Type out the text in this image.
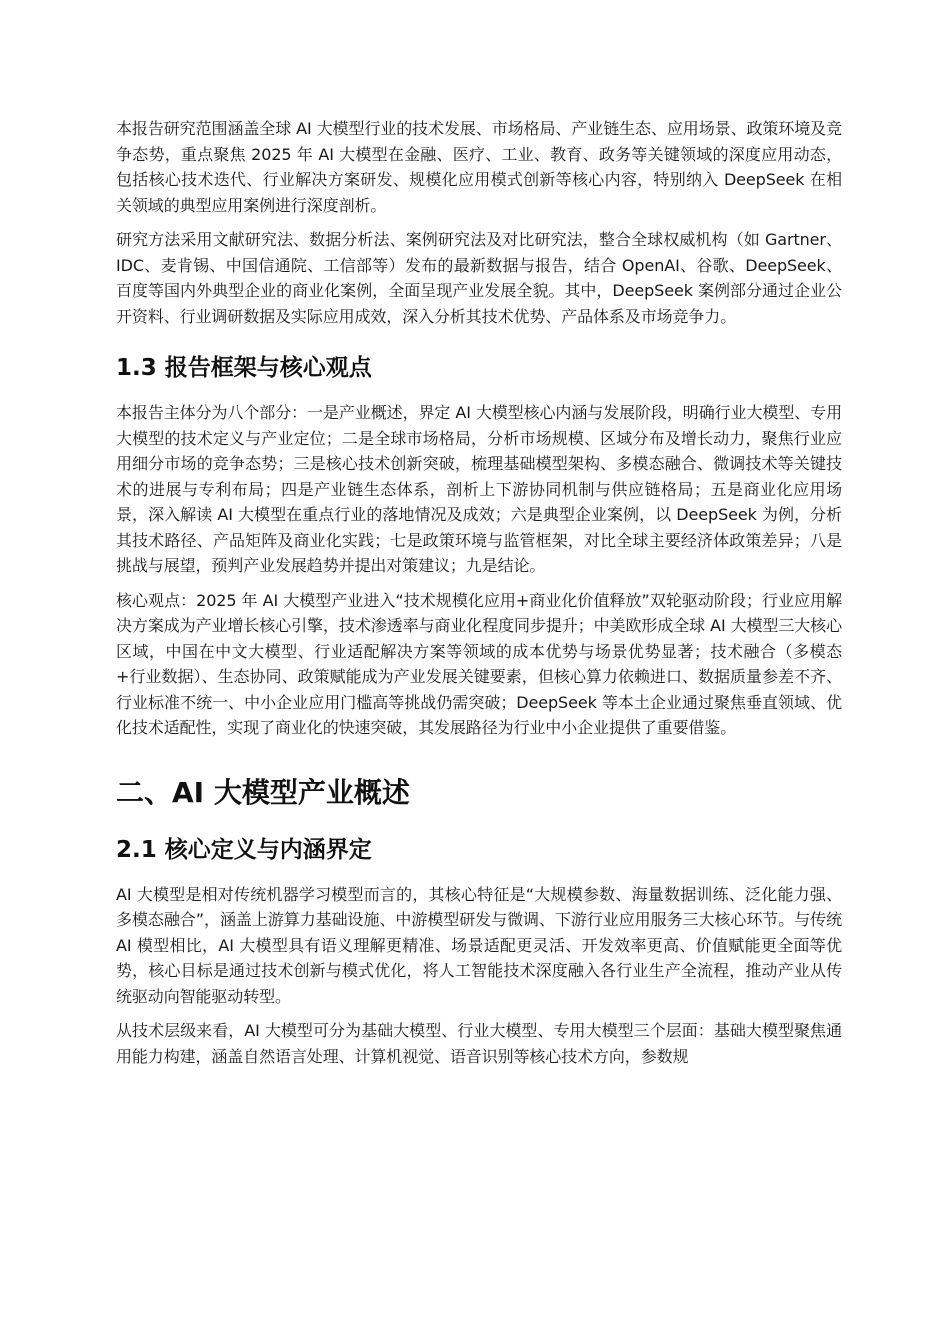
本报告研究范围涵盖全球 AI 大模型行业的技术发展、市场格局、产业链生态、应用场景、政策环境及竞争态势，重点聚焦 2025 年 AI 大模型在金融、医疗、工业、教育、政务等关键领域的深度应用动态，包括核心技术迭代、行业解决方案研发、规模化应用模式创新等核心内容，特别纳入 DeepSeek 在相关领域的典型应用案例进行深度剖析。

研究方法采用文献研究法、数据分析法、案例研究法及对比研究法，整合全球权威机构（如 Gartner、IDC、麦肯锡、中国信通院、工信部等）发布的最新数据与报告，结合 OpenAI、谷歌、DeepSeek、百度等国内外典型企业的商业化案例，全面呈现产业发展全貌。其中，DeepSeek 案例部分通过企业公开资料、行业调研数据及实际应用成效，深入分析其技术优势、产品体系及市场竞争力。

1.3 报告框架与核心观点

本报告主体分为八个部分：一是产业概述，界定 AI 大模型核心内涵与发展阶段，明确行业大模型、专用大模型的技术定义与产业定位；二是全球市场格局，分析市场规模、区域分布及增长动力，聚焦行业应用细分市场的竞争态势；三是核心技术创新突破，梳理基础模型架构、多模态融合、微调技术等关键技术的进展与专利布局；四是产业链生态体系，剖析上下游协同机制与供应链格局；五是商业化应用场景，深入解读 AI 大模型在重点行业的落地情况及成效；六是典型企业案例，以 DeepSeek 为例，分析其技术路径、产品矩阵及商业化实践；七是政策环境与监管框架，对比全球主要经济体政策差异；八是挑战与展望，预判产业发展趋势并提出对策建议；九是结论。

核心观点：2025 年 AI 大模型产业进入“技术规模化应用+商业化价值释放”双轮驱动阶段；行业应用解决方案成为产业增长核心引擎，技术渗透率与商业化程度同步提升；中美欧形成全球 AI 大模型三大核心区域，中国在中文大模型、行业适配解决方案等领域的成本优势与场景优势显著；技术融合（多模态+行业数据）、生态协同、政策赋能成为产业发展关键要素，但核心算力依赖进口、数据质量参差不齐、行业标准不统一、中小企业应用门槛高等挑战仍需突破；DeepSeek 等本土企业通过聚焦垂直领域、优化技术适配性，实现了商业化的快速突破，其发展路径为行业中小企业提供了重要借鉴。

二、AI 大模型产业概述
2.1 核心定义与内涵界定

AI 大模型是相对传统机器学习模型而言的，其核心特征是“大规模参数、海量数据训练、泛化能力强、多模态融合”，涵盖上游算力基础设施、中游模型研发与微调、下游行业应用服务三大核心环节。与传统 AI 模型相比，AI 大模型具有语义理解更精准、场景适配更灵活、开发效率更高、价值赋能更全面等优势，核心目标是通过技术创新与模式优化，将人工智能技术深度融入各行业生产全流程，推动产业从传统驱动向智能驱动转型。

从技术层级来看，AI 大模型可分为基础大模型、行业大模型、专用大模型三个层面：基础大模型聚焦通用能力构建，涵盖自然语言处理、计算机视觉、语音识别等核心技术方向，参数规
